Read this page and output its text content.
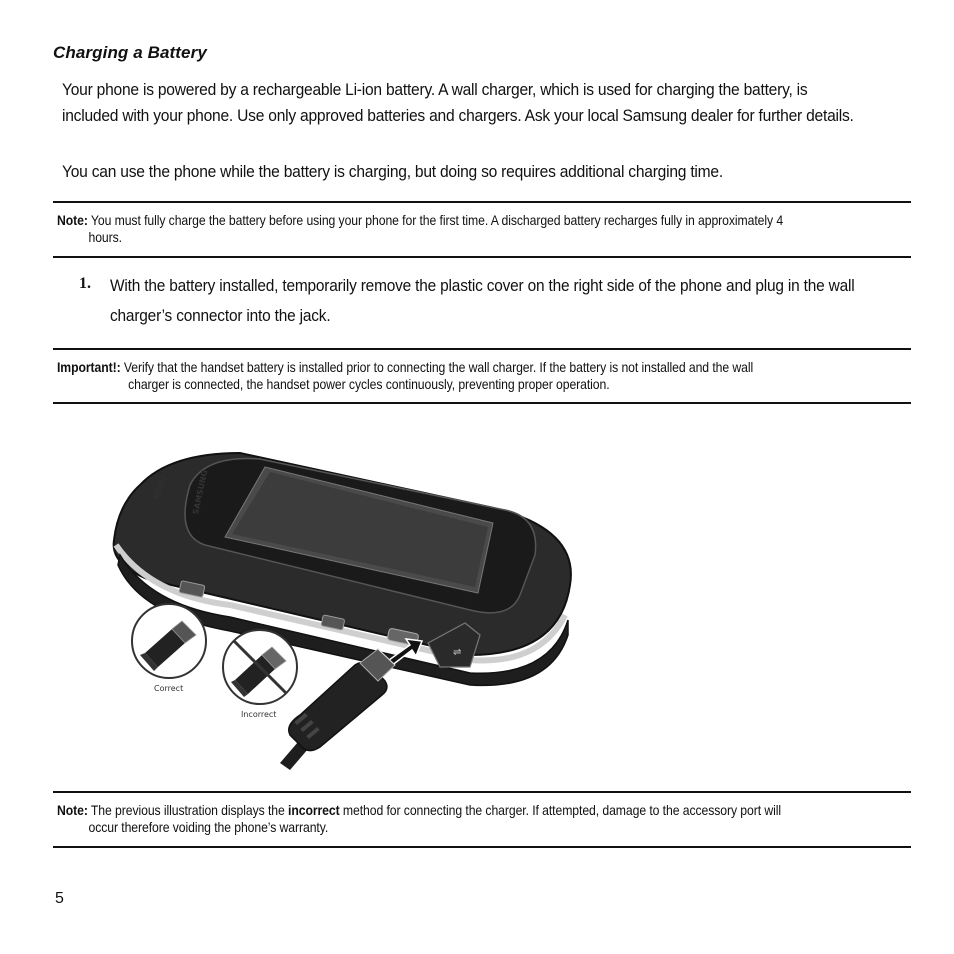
Charging a Battery
Your phone is powered by a rechargeable Li-ion battery. A wall charger, which is used for charging the battery, is included with your phone. Use only approved batteries and chargers. Ask your local Samsung dealer for further details.
You can use the phone while the battery is charging, but doing so requires additional charging time.
Note: You must fully charge the battery before using your phone for the first time. A discharged battery recharges fully in approximately 4
hours.
1. With the battery installed, temporarily remove the plastic cover on the right side of the phone and plug in the wall charger’s connector into the jack.
Important!: Verify that the handset battery is installed prior to connecting the wall charger. If the battery is not installed and the wall
charger is connected, the handset power cycles continuously, preventing proper operation.
⇌
SAMSUNG
MENU
Correct
Incorrect
Note: The previous illustration displays the incorrect method for connecting the charger. If attempted, damage to the accessory port will
occur therefore voiding the phone’s warranty.
5
